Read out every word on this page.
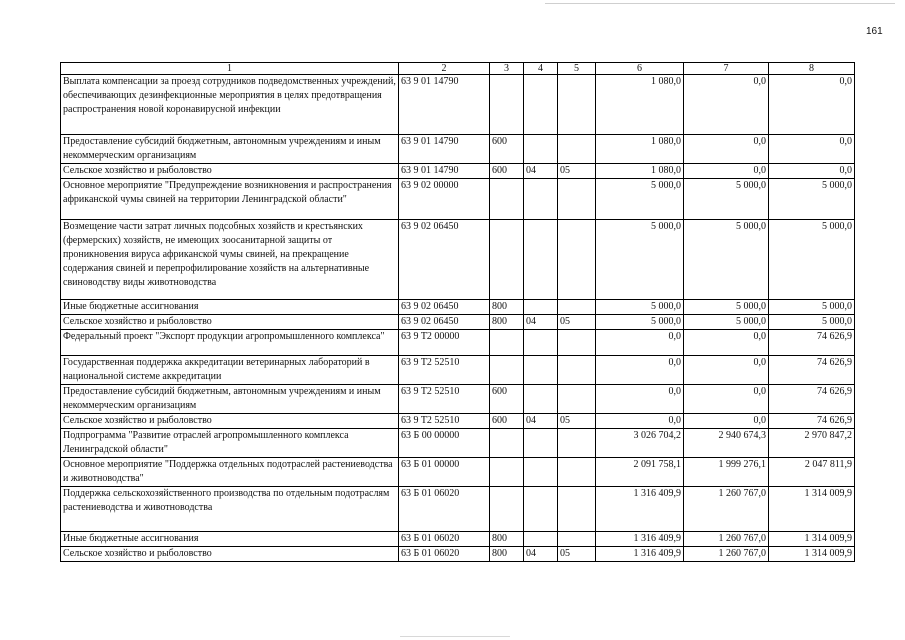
161
1	2	3	4	5	6	7	8
Выплата компенсации за проезд сотрудников подведомственных учреждений, обеспечивающих дезинфекционные мероприятия в целях предотвращения распространения новой коронавирусной инфекции	63 9 01 14790				1 080,0	0,0	0,0
Предоставление субсидий бюджетным, автономным учреждениям и иным некоммерческим организациям	63 9 01 14790	600			1 080,0	0,0	0,0
Сельское хозяйство и рыболовство	63 9 01 14790	600	04	05	1 080,0	0,0	0,0
Основное мероприятие "Предупреждение возникновения и распространения африканской чумы свиней на территории Ленинградской области"	63 9 02 00000				5 000,0	5 000,0	5 000,0
Возмещение части затрат личных подсобных хозяйств и крестьянских (фермерских) хозяйств, не имеющих зоосанитарной защиты от проникновения вируса африканской чумы свиней, на прекращение содержания свиней и перепрофилирование хозяйств на альтернативные свиноводству виды животноводства	63 9 02 06450				5 000,0	5 000,0	5 000,0
Иные бюджетные ассигнования	63 9 02 06450	800			5 000,0	5 000,0	5 000,0
Сельское хозяйство и рыболовство	63 9 02 06450	800	04	05	5 000,0	5 000,0	5 000,0
Федеральный проект "Экспорт продукции агропромышленного комплекса"	63 9 T2 00000				0,0	0,0	74 626,9
Государственная поддержка аккредитации ветеринарных лабораторий в национальной системе аккредитации	63 9 T2 52510				0,0	0,0	74 626,9
Предоставление субсидий бюджетным, автономным учреждениям и иным некоммерческим организациям	63 9 T2 52510	600			0,0	0,0	74 626,9
Сельское хозяйство и рыболовство	63 9 T2 52510	600	04	05	0,0	0,0	74 626,9
Подпрограмма "Развитие отраслей агропромышленного комплекса Ленинградской области"	63 Б 00 00000				3 026 704,2	2 940 674,3	2 970 847,2
Основное мероприятие "Поддержка отдельных подотраслей растениеводства и животноводства"	63 Б 01 00000				2 091 758,1	1 999 276,1	2 047 811,9
Поддержка сельскохозяйственного производства по отдельным подотраслям растениеводства и животноводства	63 Б 01 06020				1 316 409,9	1 260 767,0	1 314 009,9
Иные бюджетные ассигнования	63 Б 01 06020	800			1 316 409,9	1 260 767,0	1 314 009,9
Сельское хозяйство и рыболовство	63 Б 01 06020	800	04	05	1 316 409,9	1 260 767,0	1 314 009,9
